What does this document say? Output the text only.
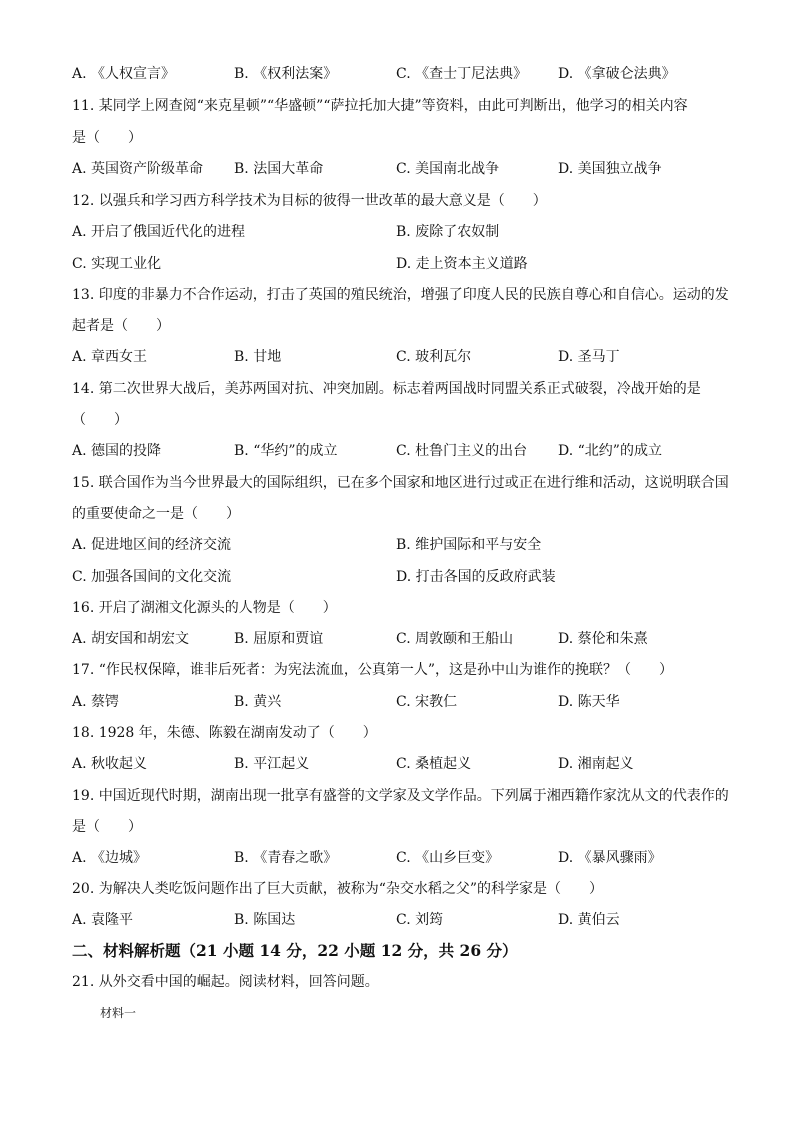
A. 《人权宣言》	B. 《权利法案》	C. 《查士丁尼法典》 D. 《拿破仑法典》
11. 某同学上网查阅“来克星顿”“华盛顿”“萨拉托加大捷”等资料，由此可判断出，他学习的相关内容
是（　　）
A. 英国资产阶级革命 B. 法国大革命	C. 美国南北战争	D. 美国独立战争
12. 以强兵和学习西方科学技术为目标的彼得一世改革的最大意义是（　　）
A. 开启了俄国近代化的进程	B. 废除了农奴制
C. 实现工业化	D. 走上资本主义道路
13. 印度的非暴力不合作运动，打击了英国的殖民统治，增强了印度人民的民族自尊心和自信心。运动的发
起者是（　　）
A. 章西女王	B. 甘地	C. 玻利瓦尔	D. 圣马丁
14. 第二次世界大战后，美苏两国对抗、冲突加剧。标志着两国战时同盟关系正式破裂，冷战开始的是
（　　）
A. 德国的投降	B. “华约”的成立	C. 杜鲁门主义的出台 D. “北约”的成立
15. 联合国作为当今世界最大的国际组织，已在多个国家和地区进行过或正在进行维和活动，这说明联合国
的重要使命之一是（　　）
A. 促进地区间的经济交流	B. 维护国际和平与安全
C. 加强各国间的文化交流	D. 打击各国的反政府武装
16. 开启了湖湘文化源头的人物是（　　）
A. 胡安国和胡宏文	B. 屈原和贾谊	C. 周敦颐和王船山	D. 蔡伦和朱熹
17. “作民权保障，谁非后死者：为宪法流血，公真第一人”，这是孙中山为谁作的挽联？（　　）
A. 蔡锷	B. 黄兴	C. 宋教仁	D. 陈天华
18. 1928 年，朱德、陈毅在湖南发动了（　　）
A. 秋收起义	B. 平江起义	C. 桑植起义	D. 湘南起义
19. 中国近现代时期，湖南出现一批享有盛誉的文学家及文学作品。下列属于湘西籍作家沈从文的代表作的
是（　　）
A. 《边城》	B. 《青春之歌》	C. 《山乡巨变》	D. 《暴风骤雨》
20. 为解决人类吃饭问题作出了巨大贡献，被称为“杂交水稻之父”的科学家是（　　）
A. 袁隆平	B. 陈国达	C. 刘筠	D. 黄伯云
二、材料解析题（21 小题 14 分，22 小题 12 分，共 26 分）
21. 从外交看中国的崛起。阅读材料，回答问题。
材料一
